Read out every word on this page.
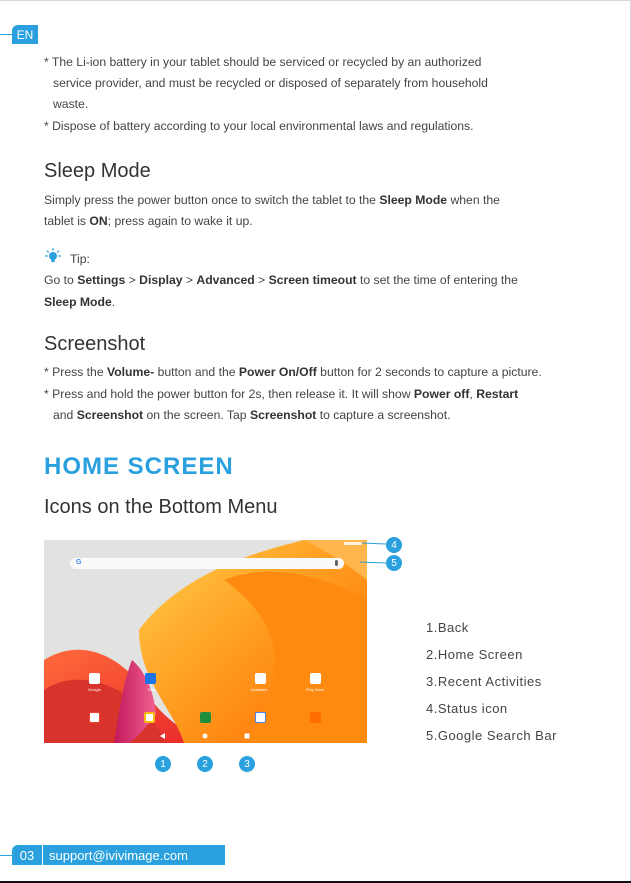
EN
* The Li-ion battery in your tablet should be serviced or recycled by an authorized
service provider, and must be recycled or disposed of separately from household
waste.
* Dispose of battery according to your local environmental laws and regulations.
Sleep Mode
Simply press the power button once to switch the tablet to the Sleep Mode when the
tablet is ON; press again to wake it up.
Tip:
Go to Settings > Display > Advanced > Screen timeout to set the time of entering the
Sleep Mode.
Screenshot
* Press the Volume- button and the Power On/Off button for 2 seconds to capture a picture.
* Press and hold the power button for 2s, then release it. It will show Power off, Restart
and Screenshot on the screen. Tap Screenshot to capture a screenshot.
HOME SCREEN
Icons on the Bottom Menu
G
Google	Duo	Assistant	Play Store
4
5
1	2	3
1.Back
2.Home Screen
3.Recent Activities
4.Status icon
5.Google Search Bar
03	support@ivivimage.com
